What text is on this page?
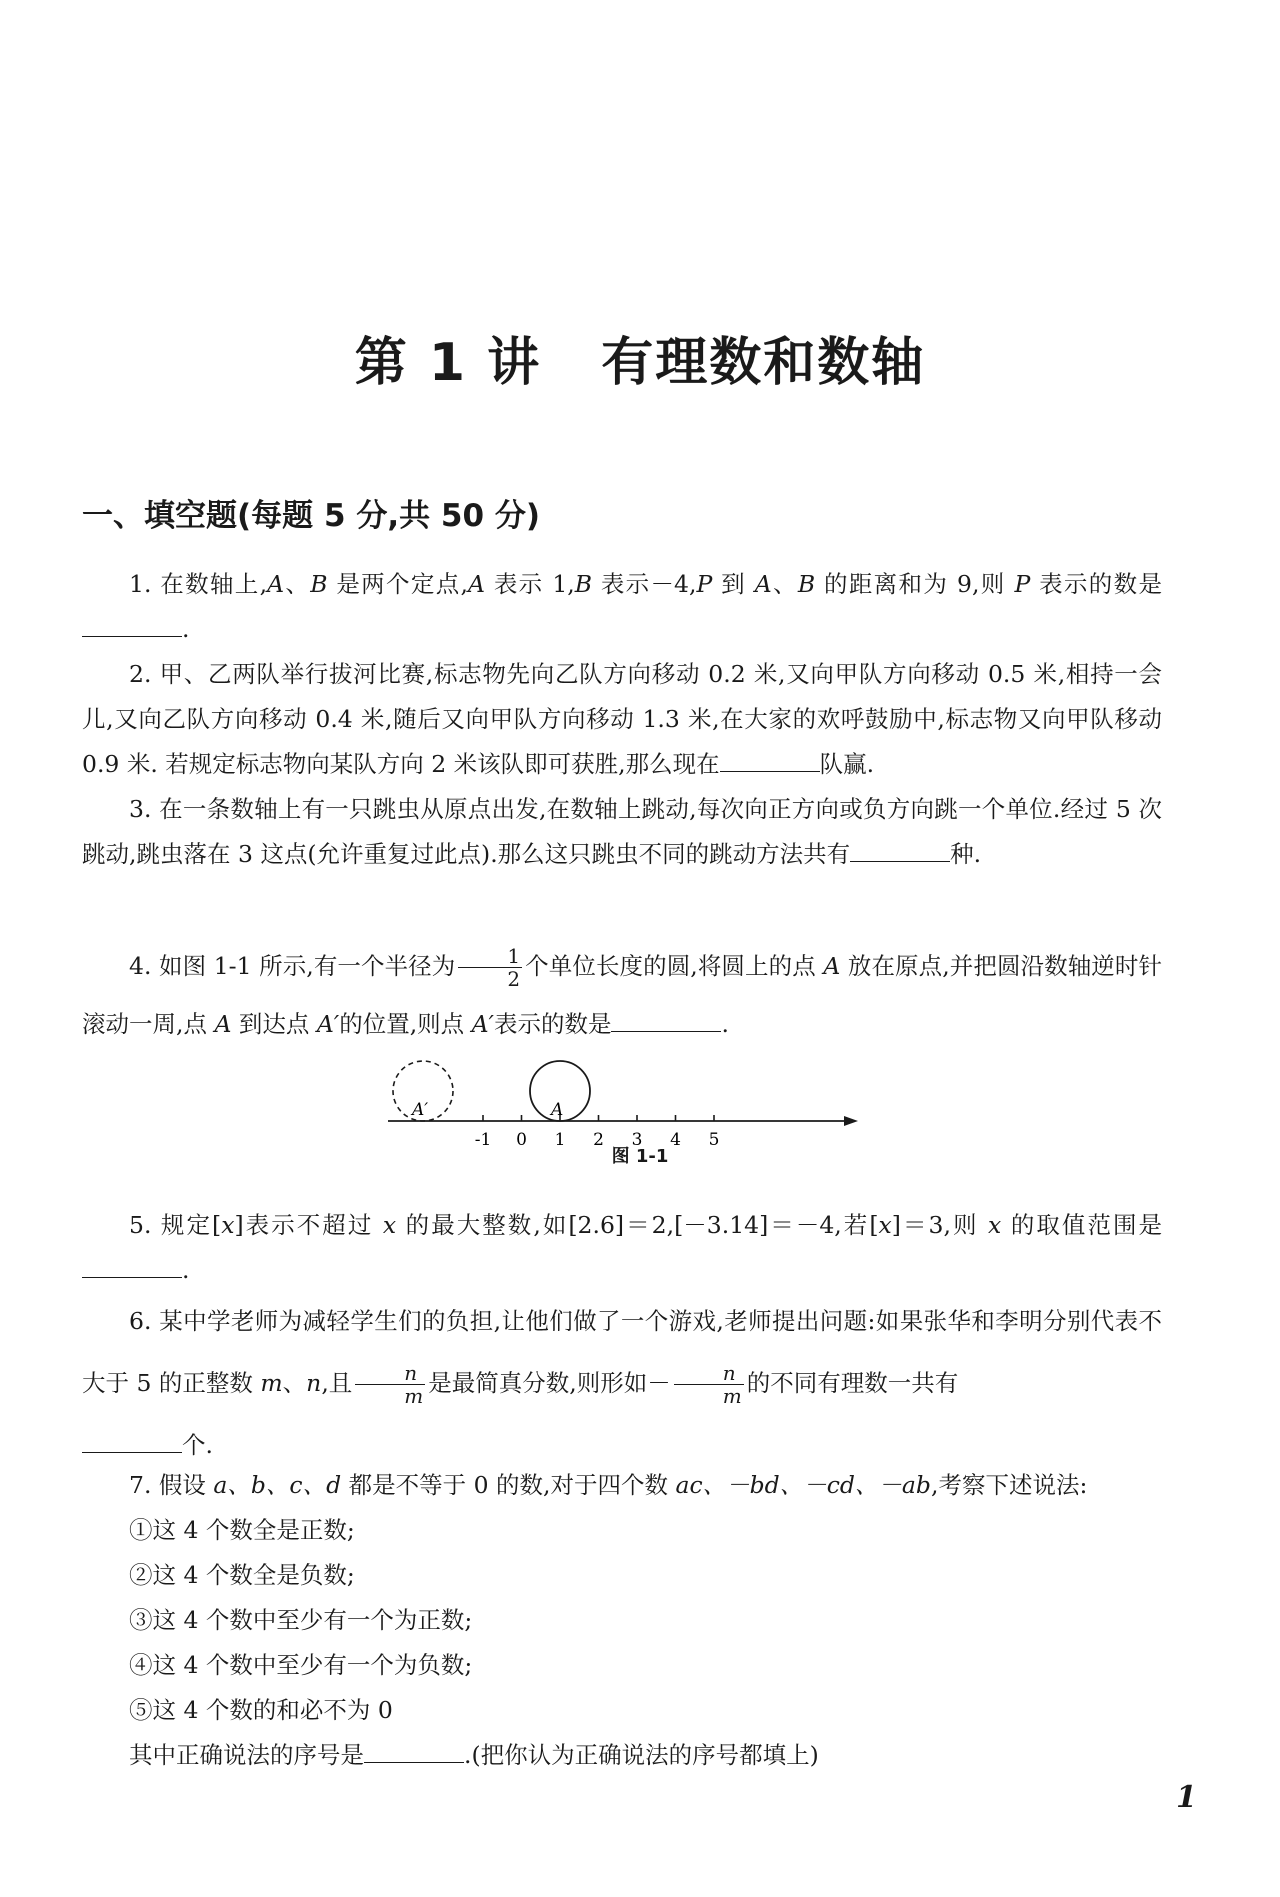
第 1 讲 有理数和数轴
一、填空题(每题 5 分,共 50 分)

1. 在数轴上,A、B 是两个定点,A 表示 1,B 表示－4,P 到 A、B 的距离和为 9,则 P 表示的数是.

2. 甲、乙两队举行拔河比赛,标志物先向乙队方向移动 0.2 米,又向甲队方向移动 0.5 米,相持一会儿,又向乙队方向移动 0.4 米,随后又向甲队方向移动 1.3 米,在大家的欢呼鼓励中,标志物又向甲队移动 0.9 米. 若规定标志物向某队方向 2 米该队即可获胜,那么现在	队赢.

3. 在一条数轴上有一只跳虫从原点出发,在数轴上跳动,每次向正方向或负方向跳一个单位.经过 5 次跳动,跳虫落在 3 这点(允许重复过此点).那么这只跳虫不同的跳动方法共有	种.

4. 如图 1-1 所示,有一个半径为 $\frac{1}{2}$ 个单位长度的圆,将圆上的点 A 放在原点,并把圆沿数轴逆时针滚动一周,点 A 到达点 A′的位置,则点 A′表示的数是	.

-1 0 1 2 3 4 5
A′	A
图 1-1

5. 规定[x]表示不超过 x 的最大整数,如[2.6]＝2,[－3.14]＝－4,若[x]＝3,则 x 的取值范围是.

6. 某中学老师为减轻学生们的负担,让他们做了一个游戏,老师提出问题:如果张华和李明分别代表不大于 5 的正整数 m、n,且 $\frac{n}{m}$ 是最简真分数,则形如－ $\frac{n}{m}$ 的不同有理数一共有
个.

7. 假设 a、b、c、d 都是不等于 0 的数,对于四个数 ac、－bd、－cd、－ab,考察下述说法:

①这 4 个数全是正数;

②这 4 个数全是负数;

③这 4 个数中至少有一个为正数;

④这 4 个数中至少有一个为负数;

⑤这 4 个数的和必不为 0

其中正确说法的序号是	.(把你认为正确说法的序号都填上)

1
